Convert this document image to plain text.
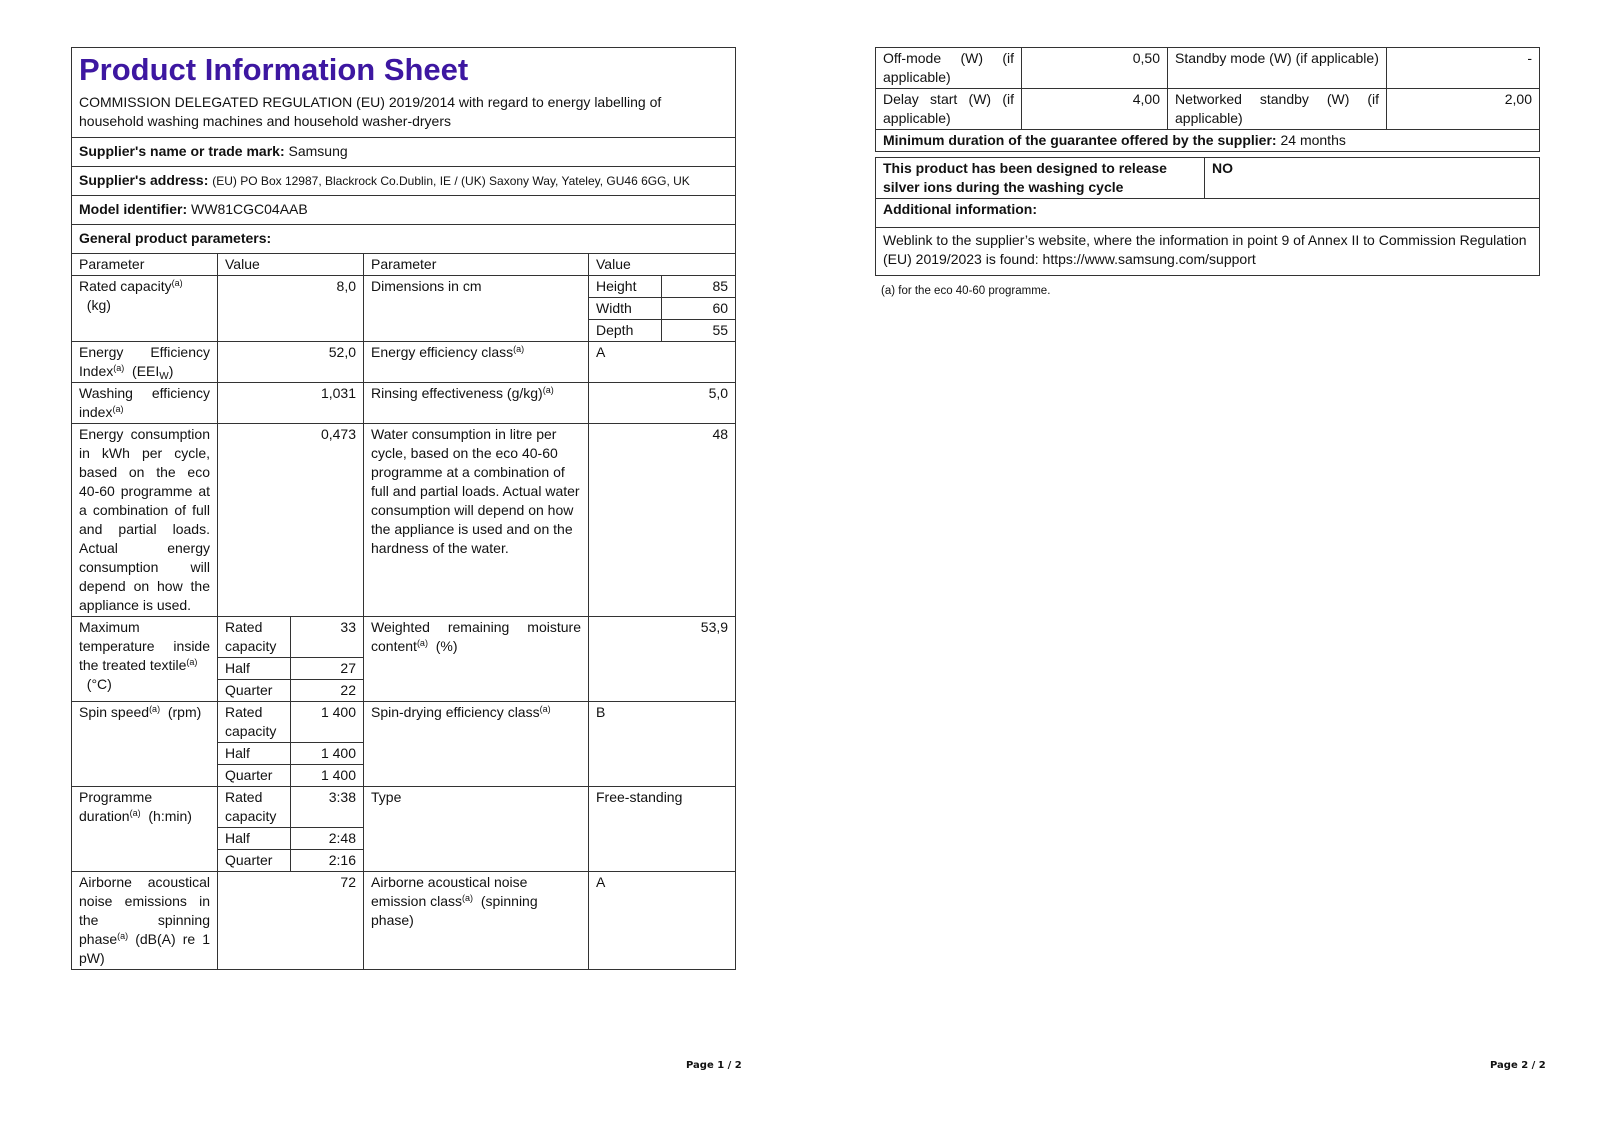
Product Information Sheet
COMMISSION DELEGATED REGULATION (EU) 2019/2014 with regard to energy labelling of household washing machines and household washer-dryers					

Supplier's name or trade mark: Samsung					
Supplier's address: (EU) PO Box 12987, Blackrock Co.Dublin, IE / (UK) Saxony Way, Yateley, GU46 6GG, UK					
Model identifier: WW81CGC04AAB					
General product parameters:					
Parameter	Value		Parameter	Value	
Rated capacity$^{(a)}$
(kg)	8,0		Dimensions in cm	Height	85
				Width	60
				Depth	55
Energy Efficiency Index$^{(a)}$ $(EEI_W)$	52,0		Energy efficiency class$^{(a)}$	A	
Washing efficiency index$^{(a)}$	1,031		Rinsing effectiveness $(g/kg)^{(a)}$	5,0	
Energy consumption in kWh per cycle, based on the eco 40-60 programme at a combination of full and partial loads. Actual energy consumption will depend on how the appliance is used.	0,473		Water consumption in litre per cycle, based on the eco 40-60 programme at a combination of full and partial loads. Actual water consumption will depend on how the appliance is used and on the hardness of the water.	48	
Maximum temperature inside the treated textile$^{(a)}$
(°C)	Rated capacity	33	Weighted remaining moisture content$^{(a)}$ (%)	53,9	
	Half	27			
	Quarter	22			
Spin speed$^{(a)}$ (rpm)	Rated capacity	1 400	Spin-drying efficiency class$^{(a)}$	B	
	Half	1 400			
	Quarter	1 400			
Programme duration$^{(a)}$ (h:min)	Rated capacity	3:38	Type	Free-standing	
	Half	2:48			
	Quarter	2:16			
Airborne acoustical noise emissions in the spinning phase$^{(a)}$ (dB(A) re 1 pW)	72		Airborne acoustical noise emission class$^{(a)}$ (spinning phase)	A	
Page 1 / 2
Off-mode (W) (if applicable)	0,50	Standby mode (W) (if applicable)	-
Delay start (W) (if applicable)	4,00	Networked standby (W) (if applicable)	2,00
Minimum duration of the guarantee offered by the supplier: 24 months			
This product has been designed to release silver ions during the washing cycle	NO
Additional information:
Weblink to the supplier’s website, where the information in point 9 of Annex II to Commission Regulation (EU) 2019/2023 is found: https://www.samsung.com/support
(a) for the eco 40-60 programme.
Page 2 / 2
